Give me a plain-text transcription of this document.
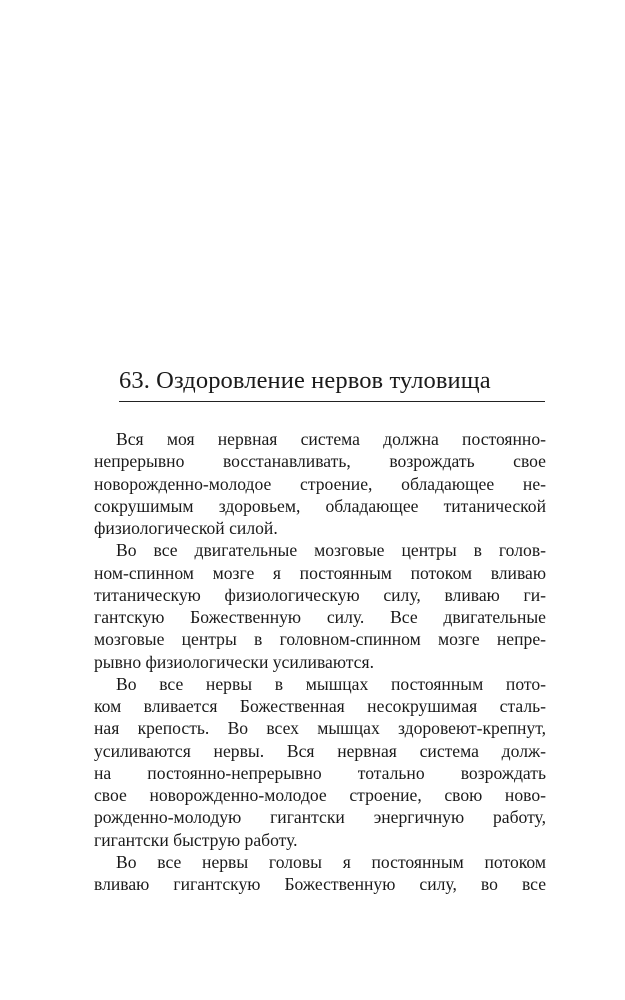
63. Оздоровление нервов туловища
Вся моя нервная система должна постоянно-
непрерывно восстанавливать, возрождать свое
новорожденно-молодое строение, обладающее не-
сокрушимым здоровьем, обладающее титанической
физиологической силой.
Во все двигательные мозговые центры в голов-
ном-спинном мозге я постоянным потоком вливаю
титаническую физиологическую силу, вливаю ги-
гантскую Божественную силу. Все двигательные
мозговые центры в головном-спинном мозге непре-
рывно физиологически усиливаются.
Во все нервы в мышцах постоянным пото-
ком вливается Божественная несокрушимая сталь-
ная крепость. Во всех мышцах здоровеют-крепнут,
усиливаются нервы. Вся нервная система долж-
на постоянно-непрерывно тотально возрождать
свое новорожденно-молодое строение, свою ново-
рожденно-молодую гигантски энергичную работу,
гигантски быструю работу.
Во все нервы головы я постоянным потоком
вливаю гигантскую Божественную силу, во все
